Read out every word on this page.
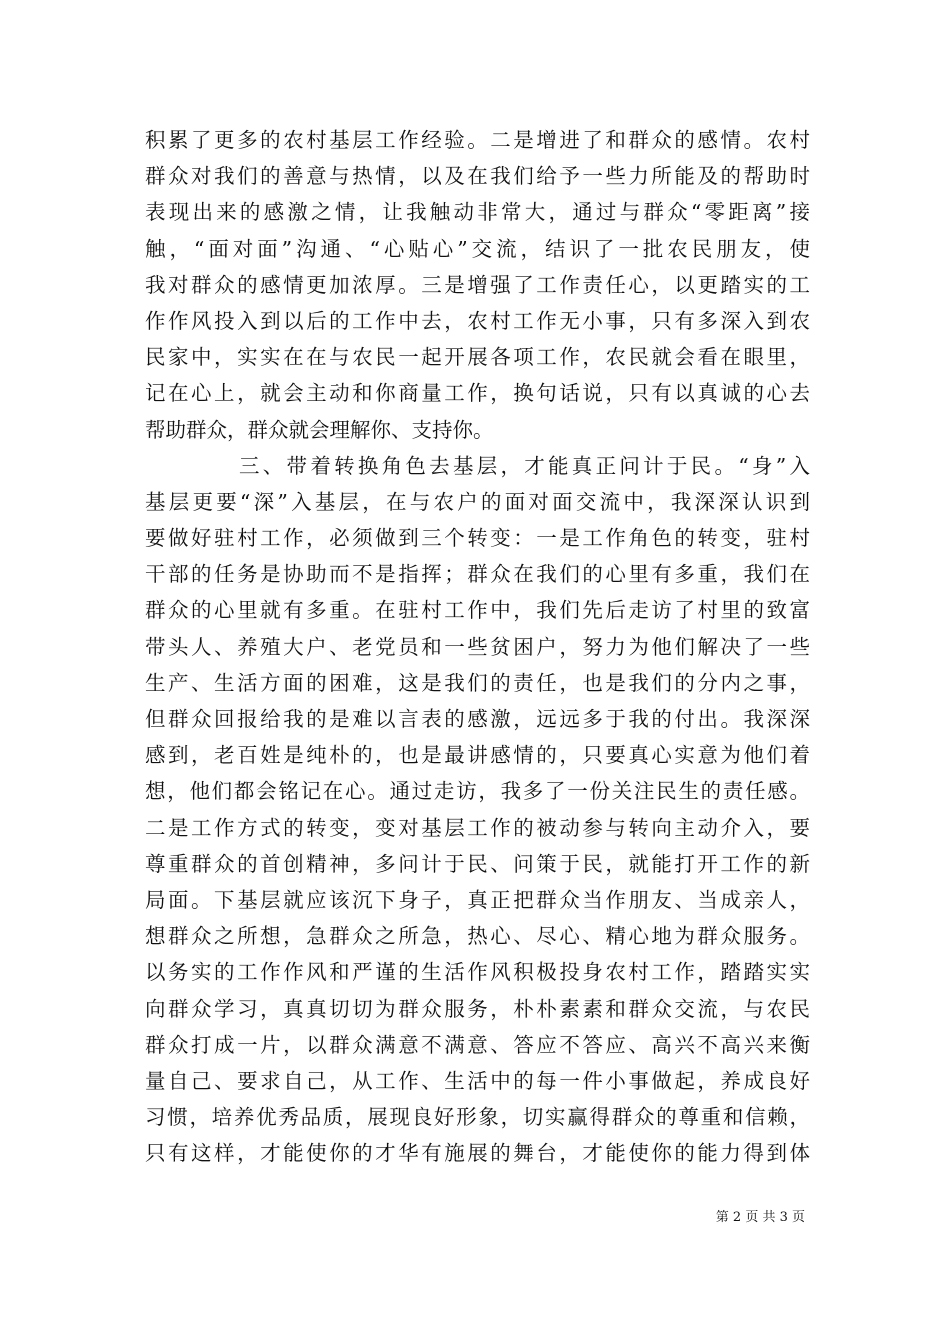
积累了更多的农村基层工作经验。二是增进了和群众的感情。农村
群众对我们的善意与热情，以及在我们给予一些力所能及的帮助时
表现出来的感激之情，让我触动非常大，通过与群众“零距离”接
触，“面对面”沟通、“心贴心”交流，结识了一批农民朋友，使
我对群众的感情更加浓厚。三是增强了工作责任心，以更踏实的工
作作风投入到以后的工作中去，农村工作无小事，只有多深入到农
民家中，实实在在与农民一起开展各项工作，农民就会看在眼里，
记在心上，就会主动和你商量工作，换句话说，只有以真诚的心去
帮助群众，群众就会理解你、支持你。
三、带着转换角色去基层，才能真正问计于民。“身”入
基层更要“深”入基层，在与农户的面对面交流中，我深深认识到
要做好驻村工作，必须做到三个转变：一是工作角色的转变，驻村
干部的任务是协助而不是指挥；群众在我们的心里有多重，我们在
群众的心里就有多重。在驻村工作中，我们先后走访了村里的致富
带头人、养殖大户、老党员和一些贫困户，努力为他们解决了一些
生产、生活方面的困难，这是我们的责任，也是我们的分内之事，
但群众回报给我的是难以言表的感激，远远多于我的付出。我深深
感到，老百姓是纯朴的，也是最讲感情的，只要真心实意为他们着
想，他们都会铭记在心。通过走访，我多了一份关注民生的责任感。
二是工作方式的转变，变对基层工作的被动参与转向主动介入，要
尊重群众的首创精神，多问计于民、问策于民，就能打开工作的新
局面。下基层就应该沉下身子，真正把群众当作朋友、当成亲人，
想群众之所想，急群众之所急，热心、尽心、精心地为群众服务。
以务实的工作作风和严谨的生活作风积极投身农村工作，踏踏实实
向群众学习，真真切切为群众服务，朴朴素素和群众交流，与农民
群众打成一片，以群众满意不满意、答应不答应、高兴不高兴来衡
量自己、要求自己，从工作、生活中的每一件小事做起，养成良好
习惯，培养优秀品质，展现良好形象，切实赢得群众的尊重和信赖，
只有这样，才能使你的才华有施展的舞台，才能使你的能力得到体
第 2 页 共 3 页
